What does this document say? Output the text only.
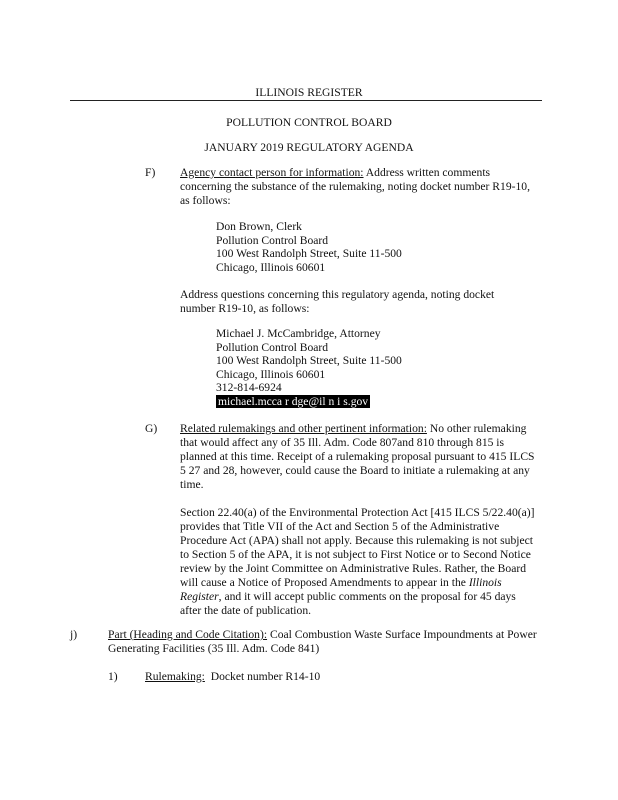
ILLINOIS REGISTER
POLLUTION CONTROL BOARD
JANUARY 2019 REGULATORY AGENDA
F) Agency contact person for information: Address written comments concerning the substance of the rulemaking, noting docket number R19-10, as follows:
Don Brown, Clerk
Pollution Control Board
100 West Randolph Street, Suite 11-500
Chicago, Illinois 60601
Address questions concerning this regulatory agenda, noting docket number R19-10, as follows:
Michael J. McCambridge, Attorney
Pollution Control Board
100 West Randolph Street, Suite 11-500
Chicago, Illinois 60601
312-814-6924
michael.mcca r dge@il n i s.gov
G) Related rulemakings and other pertinent information: No other rulemaking that would affect any of 35 Ill. Adm. Code 807and 810 through 815 is planned at this time. Receipt of a rulemaking proposal pursuant to 415 ILCS 5 27 and 28, however, could cause the Board to initiate a rulemaking at any time.
Section 22.40(a) of the Environmental Protection Act [415 ILCS 5/22.40(a)] provides that Title VII of the Act and Section 5 of the Administrative Procedure Act (APA) shall not apply. Because this rulemaking is not subject to Section 5 of the APA, it is not subject to First Notice or to Second Notice review by the Joint Committee on Administrative Rules. Rather, the Board will cause a Notice of Proposed Amendments to appear in the Illinois Register, and it will accept public comments on the proposal for 45 days after the date of publication.
j)	Part (Heading and Code Citation): Coal Combustion Waste Surface Impoundments at Power Generating Facilities (35 Ill. Adm. Code 841)
1) Rulemaking:  Docket number R14-10
